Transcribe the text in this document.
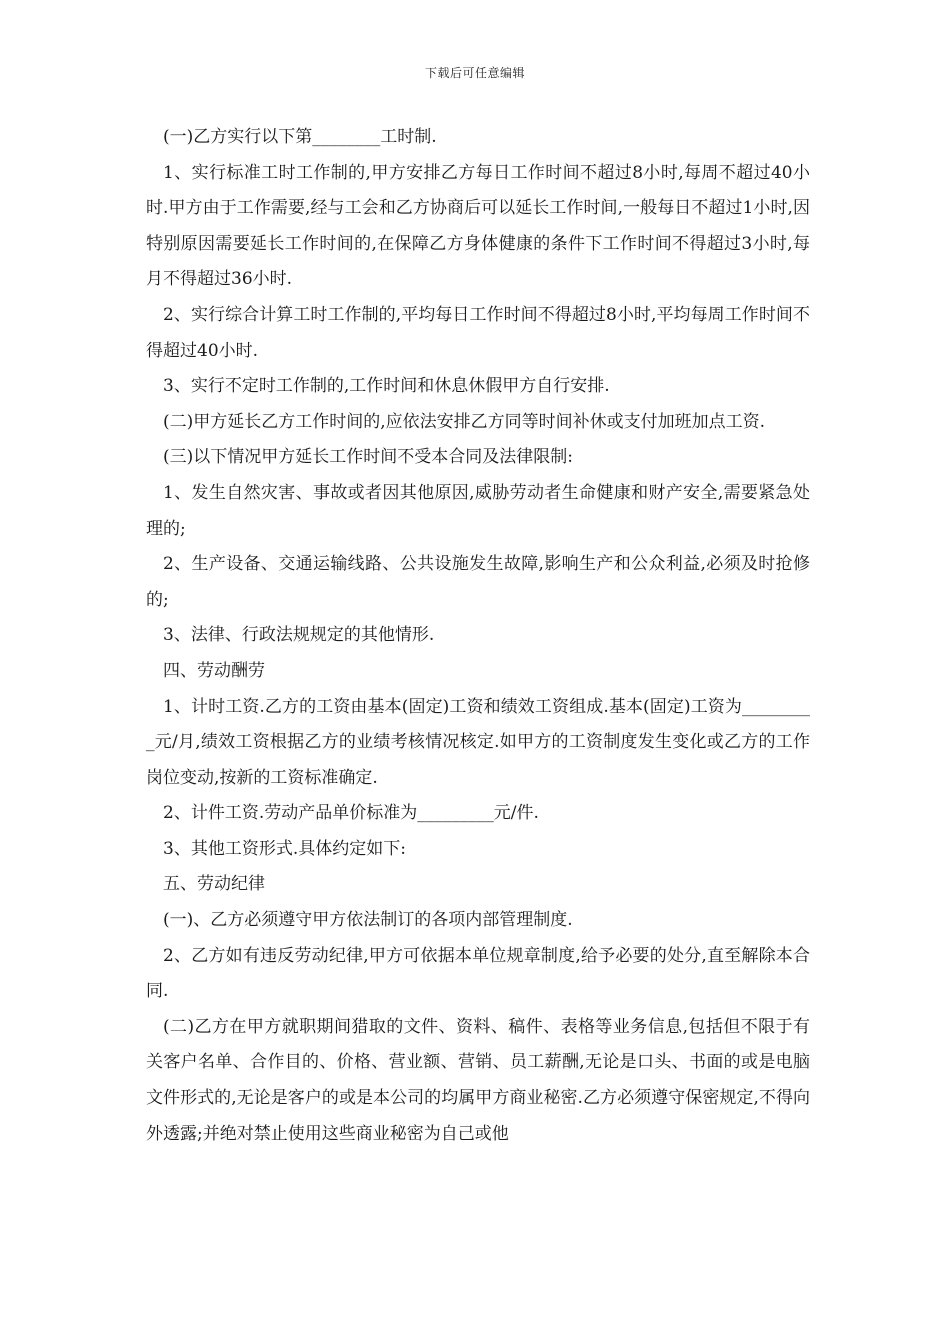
下载后可任意编辑

(一)乙方实行以下第________工时制.

1、实行标准工时工作制的,甲方安排乙方每日工作时间不超过8小时,每周不超过40小时.甲方由于工作需要,经与工会和乙方协商后可以延长工作时间,一般每日不超过1小时,因特别原因需要延长工作时间的,在保障乙方身体健康的条件下工作时间不得超过3小时,每月不得超过36小时.

2、实行综合计算工时工作制的,平均每日工作时间不得超过8小时,平均每周工作时间不得超过40小时.

3、实行不定时工作制的,工作时间和休息休假甲方自行安排.

(二)甲方延长乙方工作时间的,应依法安排乙方同等时间补休或支付加班加点工资.

(三)以下情况甲方延长工作时间不受本合同及法律限制:

1、发生自然灾害、事故或者因其他原因,威胁劳动者生命健康和财产安全,需要紧急处理的;

2、生产设备、交通运输线路、公共设施发生故障,影响生产和公众利益,必须及时抢修的;

3、法律、行政法规规定的其他情形.

四、劳动酬劳

1、计时工资.乙方的工资由基本(固定)工资和绩效工资组成.基本(固定)工资为_________元/月,绩效工资根据乙方的业绩考核情况核定.如甲方的工资制度发生变化或乙方的工作岗位变动,按新的工资标准确定.

2、计件工资.劳动产品单价标准为_________元/件.

3、其他工资形式.具体约定如下:

五、劳动纪律

(一)、乙方必须遵守甲方依法制订的各项内部管理制度.

2、乙方如有违反劳动纪律,甲方可依据本单位规章制度,给予必要的处分,直至解除本合同.

(二)乙方在甲方就职期间猎取的文件、资料、稿件、表格等业务信息,包括但不限于有关客户名单、合作目的、价格、营业额、营销、员工薪酬,无论是口头、书面的或是电脑文件形式的,无论是客户的或是本公司的均属甲方商业秘密.乙方必须遵守保密规定,不得向外透露;并绝对禁止使用这些商业秘密为自己或他
